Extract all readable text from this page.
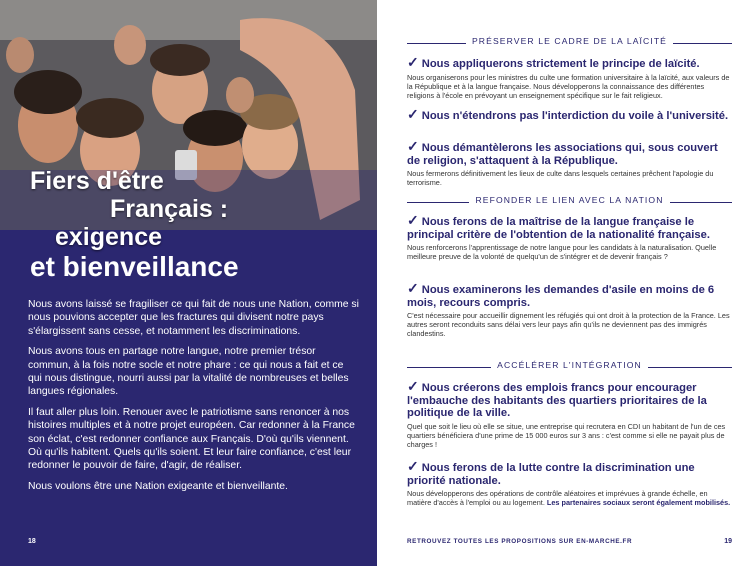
Fiers d'être
Français :
exigence
et bienveillance

Nous avons laissé se fragiliser ce qui fait de nous une Nation, comme si nous pouvions accepter que les fractures qui divisent notre pays s'élargissent sans cesse, et notamment les discriminations.

Nous avons tous en partage notre langue, notre premier trésor commun, à la fois notre socle et notre phare : ce qui nous a fait et ce qui nous distingue, nourri aussi par la vitalité de nombreuses et belles langues régionales.

Il faut aller plus loin. Renouer avec le patriotisme sans renoncer à nos histoires multiples et à notre projet européen. Car redonner à la France son éclat, c'est redonner confiance aux Français. D'où qu'ils viennent. Où qu'ils habitent. Quels qu'ils soient. Et leur faire confiance, c'est leur redonner le pouvoir de faire, d'agir, de réaliser.

Nous voulons être une Nation exigeante et bienveillante.

18
PRÉSERVER LE CADRE DE LA LAÏCITÉ
✓ Nous appliquerons strictement le principe de laïcité.
Nous organiserons pour les ministres du culte une formation universitaire à la laïcité, aux valeurs de la République et à la langue française. Nous développerons la connaissance des différentes religions à l'école en prévoyant un enseignement spécifique sur le fait religieux.
✓ Nous n'étendrons pas l'interdiction du voile à l'université.
✓ Nous démantèlerons les associations qui, sous couvert de religion, s'attaquent à la République.
Nous fermerons définitivement les lieux de culte dans lesquels certaines prêchent l'apologie du terrorisme.
REFONDER LE LIEN AVEC LA NATION
✓ Nous ferons de la maîtrise de la langue française le principal critère de l'obtention de la nationalité française.
Nous renforcerons l'apprentissage de notre langue pour les candidats à la naturalisation. Quelle meilleure preuve de la volonté de quelqu'un de s'intégrer et de devenir français ?
✓ Nous examinerons les demandes d'asile en moins de 6 mois, recours compris.
C'est nécessaire pour accueillir dignement les réfugiés qui ont droit à la protection de la France. Les autres seront reconduits sans délai vers leur pays afin qu'ils ne deviennent pas des immigrés clandestins.
ACCÉLÉRER L'INTÉGRATION
✓ Nous créerons des emplois francs pour encourager l'embauche des habitants des quartiers prioritaires de la politique de la ville.
Quel que soit le lieu où elle se situe, une entreprise qui recrutera en CDI un habitant de l'un de ces quartiers bénéficiera d'une prime de 15 000 euros sur 3 ans : c'est comme si elle ne payait plus de charges !
✓ Nous ferons de la lutte contre la discrimination une priorité nationale.
Nous développerons des opérations de contrôle aléatoires et imprévues à grande échelle, en matière d'accès à l'emploi ou au logement. Les partenaires sociaux seront également mobilisés.
RETROUVEZ TOUTES LES PROPOSITIONS SUR EN-MARCHE.FR	19
